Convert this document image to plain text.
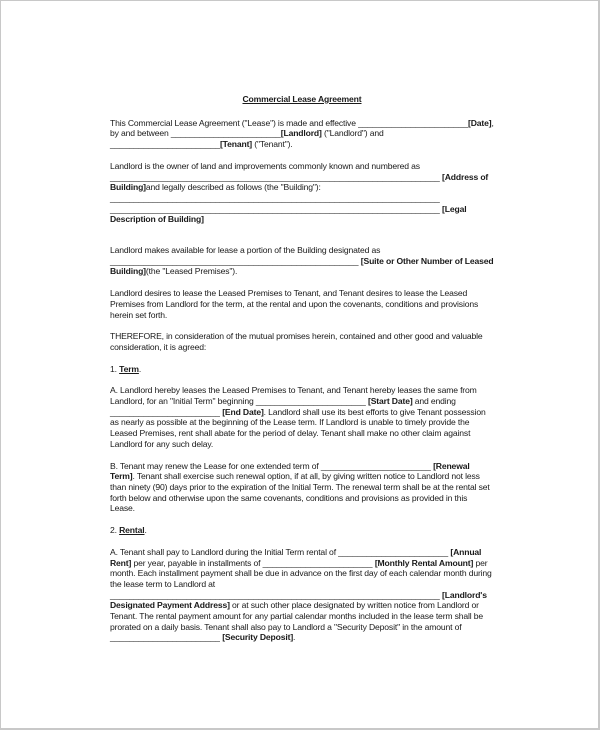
Commercial Lease Agreement

This Commercial Lease Agreement ("Lease") is made and effective _______________________[Date], by and between _______________________[Landlord] ("Landlord") and _______________________[Tenant] ("Tenant").

Landlord is the owner of land and improvements commonly known and numbered as _____________________________________________________________________ [Address of Building]and legally described as follows (the "Building"):
_____________________________________________________________________
_____________________________________________________________________ [Legal Description of Building]

Landlord makes available for lease a portion of the Building designated as ____________________________________________________ [Suite or Other Number of Leased Building](the "Leased Premises").

Landlord desires to lease the Leased Premises to Tenant, and Tenant desires to lease the Leased Premises from Landlord for the term, at the rental and upon the covenants, conditions and provisions herein set forth.

THEREFORE, in consideration of the mutual promises herein, contained and other good and valuable consideration, it is agreed:

1. Term.

A. Landlord hereby leases the Leased Premises to Tenant, and Tenant hereby leases the same from Landlord, for an "Initial Term" beginning _______________________ [Start Date] and ending _______________________ [End Date]. Landlord shall use its best efforts to give Tenant possession as nearly as possible at the beginning of the Lease term. If Landlord is unable to timely provide the Leased Premises, rent shall abate for the period of delay. Tenant shall make no other claim against Landlord for any such delay.

B. Tenant may renew the Lease for one extended term of _______________________ [Renewal Term]. Tenant shall exercise such renewal option, if at all, by giving written notice to Landlord not less than ninety (90) days prior to the expiration of the Initial Term. The renewal term shall be at the rental set forth below and otherwise upon the same covenants, conditions and provisions as provided in this Lease.

2. Rental.

A. Tenant shall pay to Landlord during the Initial Term rental of _______________________ [Annual Rent] per year, payable in installments of _______________________ [Monthly Rental Amount] per month. Each installment payment shall be due in advance on the first day of each calendar month during the lease term to Landlord at _____________________________________________________________________ [Landlord's Designated Payment Address] or at such other place designated by written notice from Landlord or Tenant. The rental payment amount for any partial calendar months included in the lease term shall be prorated on a daily basis. Tenant shall also pay to Landlord a "Security Deposit" in the amount of _______________________ [Security Deposit].
